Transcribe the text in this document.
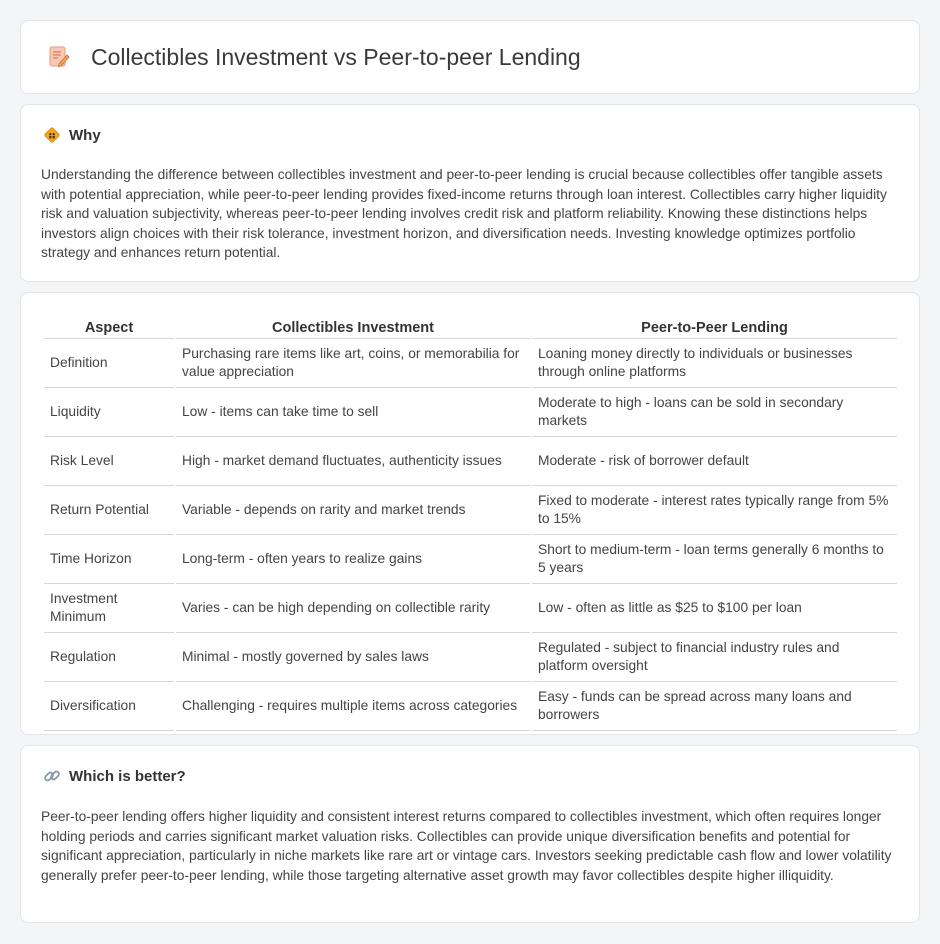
Collectibles Investment vs Peer-to-peer Lending
Why

Understanding the difference between collectibles investment and peer-to-peer lending is crucial because collectibles offer tangible assets with potential appreciation, while peer-to-peer lending provides fixed-income returns through loan interest. Collectibles carry higher liquidity risk and valuation subjectivity, whereas peer-to-peer lending involves credit risk and platform reliability. Knowing these distinctions helps investors align choices with their risk tolerance, investment horizon, and diversification needs. Investing knowledge optimizes portfolio strategy and enhances return potential.

Aspect	Collectibles Investment	Peer-to-Peer Lending
Definition	Purchasing rare items like art, coins, or memorabilia for value appreciation	Loaning money directly to individuals or businesses through online platforms
Liquidity	Low - items can take time to sell	Moderate to high - loans can be sold in secondary markets
Risk Level	High - market demand fluctuates, authenticity issues	Moderate - risk of borrower default
Return Potential	Variable - depends on rarity and market trends	Fixed to moderate - interest rates typically range from 5% to 15%
Time Horizon	Long-term - often years to realize gains	Short to medium-term - loan terms generally 6 months to 5 years
Investment Minimum	Varies - can be high depending on collectible rarity	Low - often as little as $25 to $100 per loan
Regulation	Minimal - mostly governed by sales laws	Regulated - subject to financial industry rules and platform oversight
Diversification	Challenging - requires multiple items across categories	Easy - funds can be spread across many loans and borrowers
Which is better?

Peer-to-peer lending offers higher liquidity and consistent interest returns compared to collectibles investment, which often requires longer holding periods and carries significant market valuation risks. Collectibles can provide unique diversification benefits and potential for significant appreciation, particularly in niche markets like rare art or vintage cars. Investors seeking predictable cash flow and lower volatility generally prefer peer-to-peer lending, while those targeting alternative asset growth may favor collectibles despite higher illiquidity.
